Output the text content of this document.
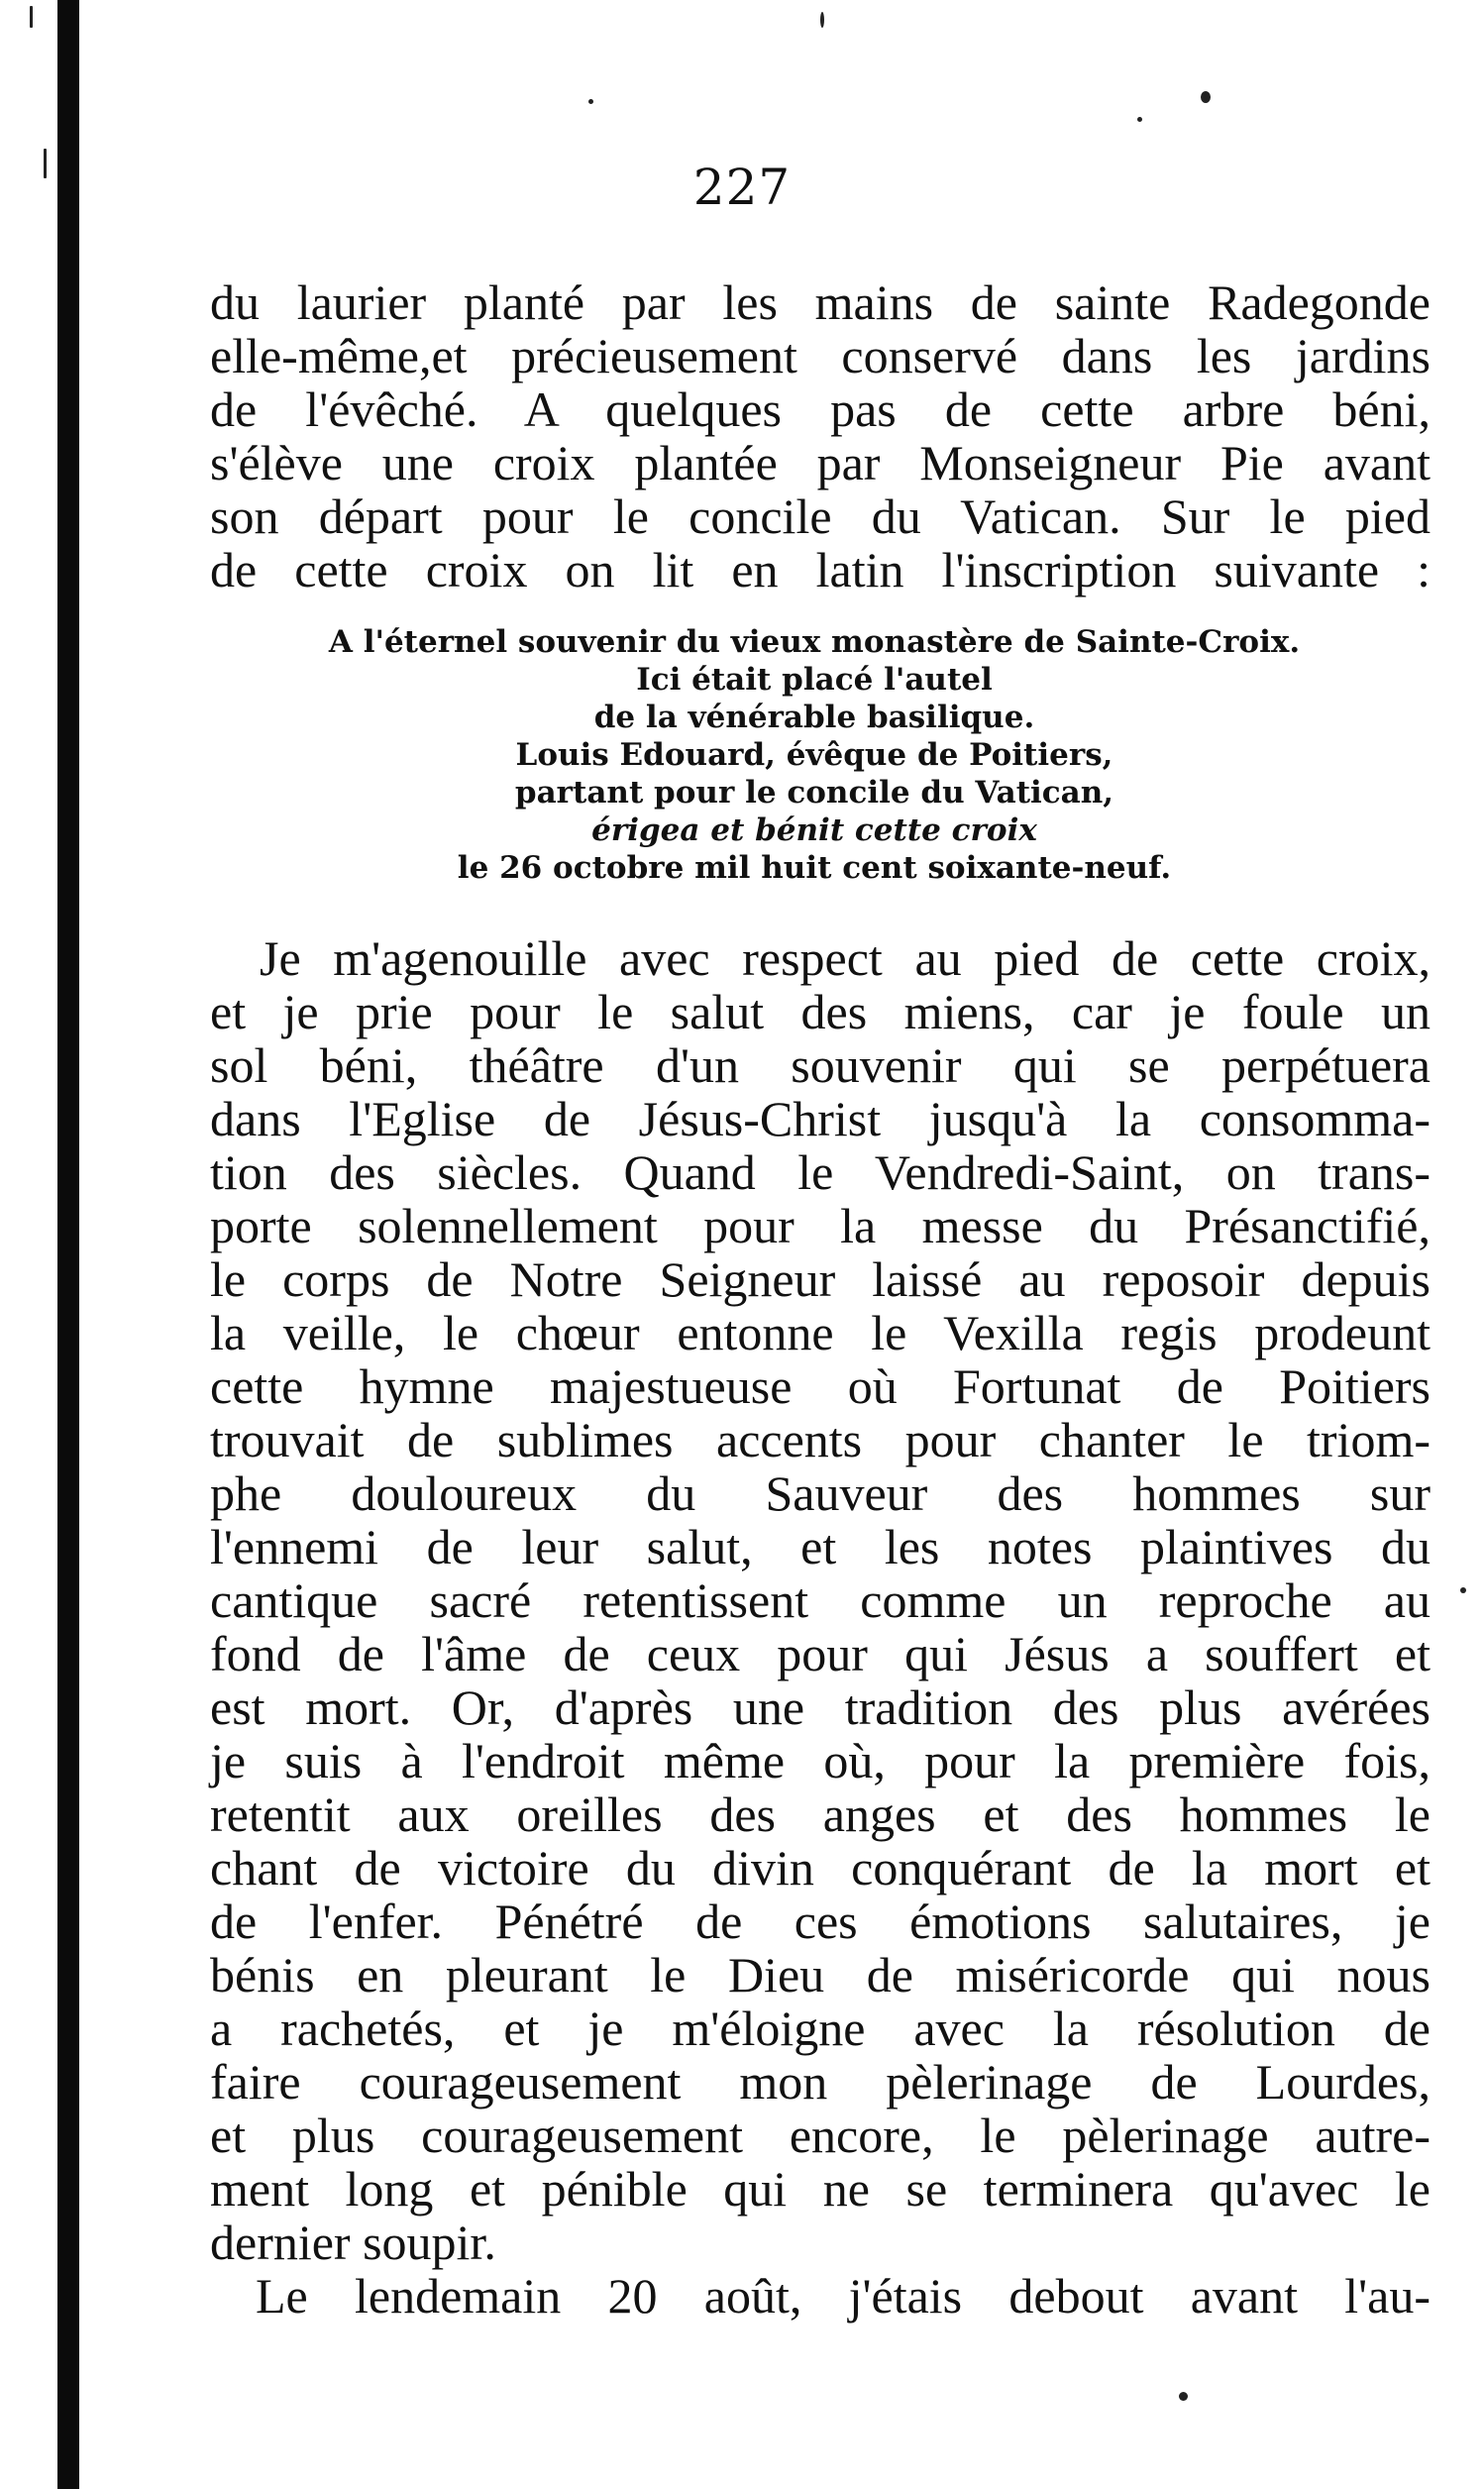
227
du laurier planté par les mains de sainte Radegonde
elle-même,et précieusement conservé dans les jardins
de l'évêché. A quelques pas de cette arbre béni,
s'élève une croix plantée par Monseigneur Pie avant
son départ pour le concile du Vatican. Sur le pied
de cette croix on lit en latin l'inscription suivante :
A l'éternel souvenir du vieux monastère de Sainte-Croix.
Ici était placé l'autel
de la vénérable basilique.
Louis Edouard, évêque de Poitiers,
partant pour le concile du Vatican,
érigea et bénit cette croix
le 26 octobre mil huit cent soixante-neuf.
Je m'agenouille avec respect au pied de cette croix,
et je prie pour le salut des miens, car je foule un
sol béni, théâtre d'un souvenir qui se perpétuera
dans l'Eglise de Jésus-Christ jusqu'à la consomma-
tion des siècles. Quand le Vendredi-Saint, on trans-
porte solennellement pour la messe du Présanctifié,
le corps de Notre Seigneur laissé au reposoir depuis
la veille, le chœur entonne le Vexilla regis prodeunt
cette hymne majestueuse où Fortunat de Poitiers
trouvait de sublimes accents pour chanter le triom-
phe douloureux du Sauveur des hommes sur
l'ennemi de leur salut, et les notes plaintives du
cantique sacré retentissent comme un reproche au
fond de l'âme de ceux pour qui Jésus a souffert et
est mort. Or, d'après une tradition des plus avérées
je suis à l'endroit même où, pour la première fois,
retentit aux oreilles des anges et des hommes le
chant de victoire du divin conquérant de la mort et
de l'enfer. Pénétré de ces émotions salutaires, je
bénis en pleurant le Dieu de miséricorde qui nous
a rachetés, et je m'éloigne avec la résolution de
faire courageusement mon pèlerinage de Lourdes,
et plus courageusement encore, le pèlerinage autre-
ment long et pénible qui ne se terminera qu'avec le
dernier soupir.
Le lendemain 20 août, j'étais debout avant l'au-
